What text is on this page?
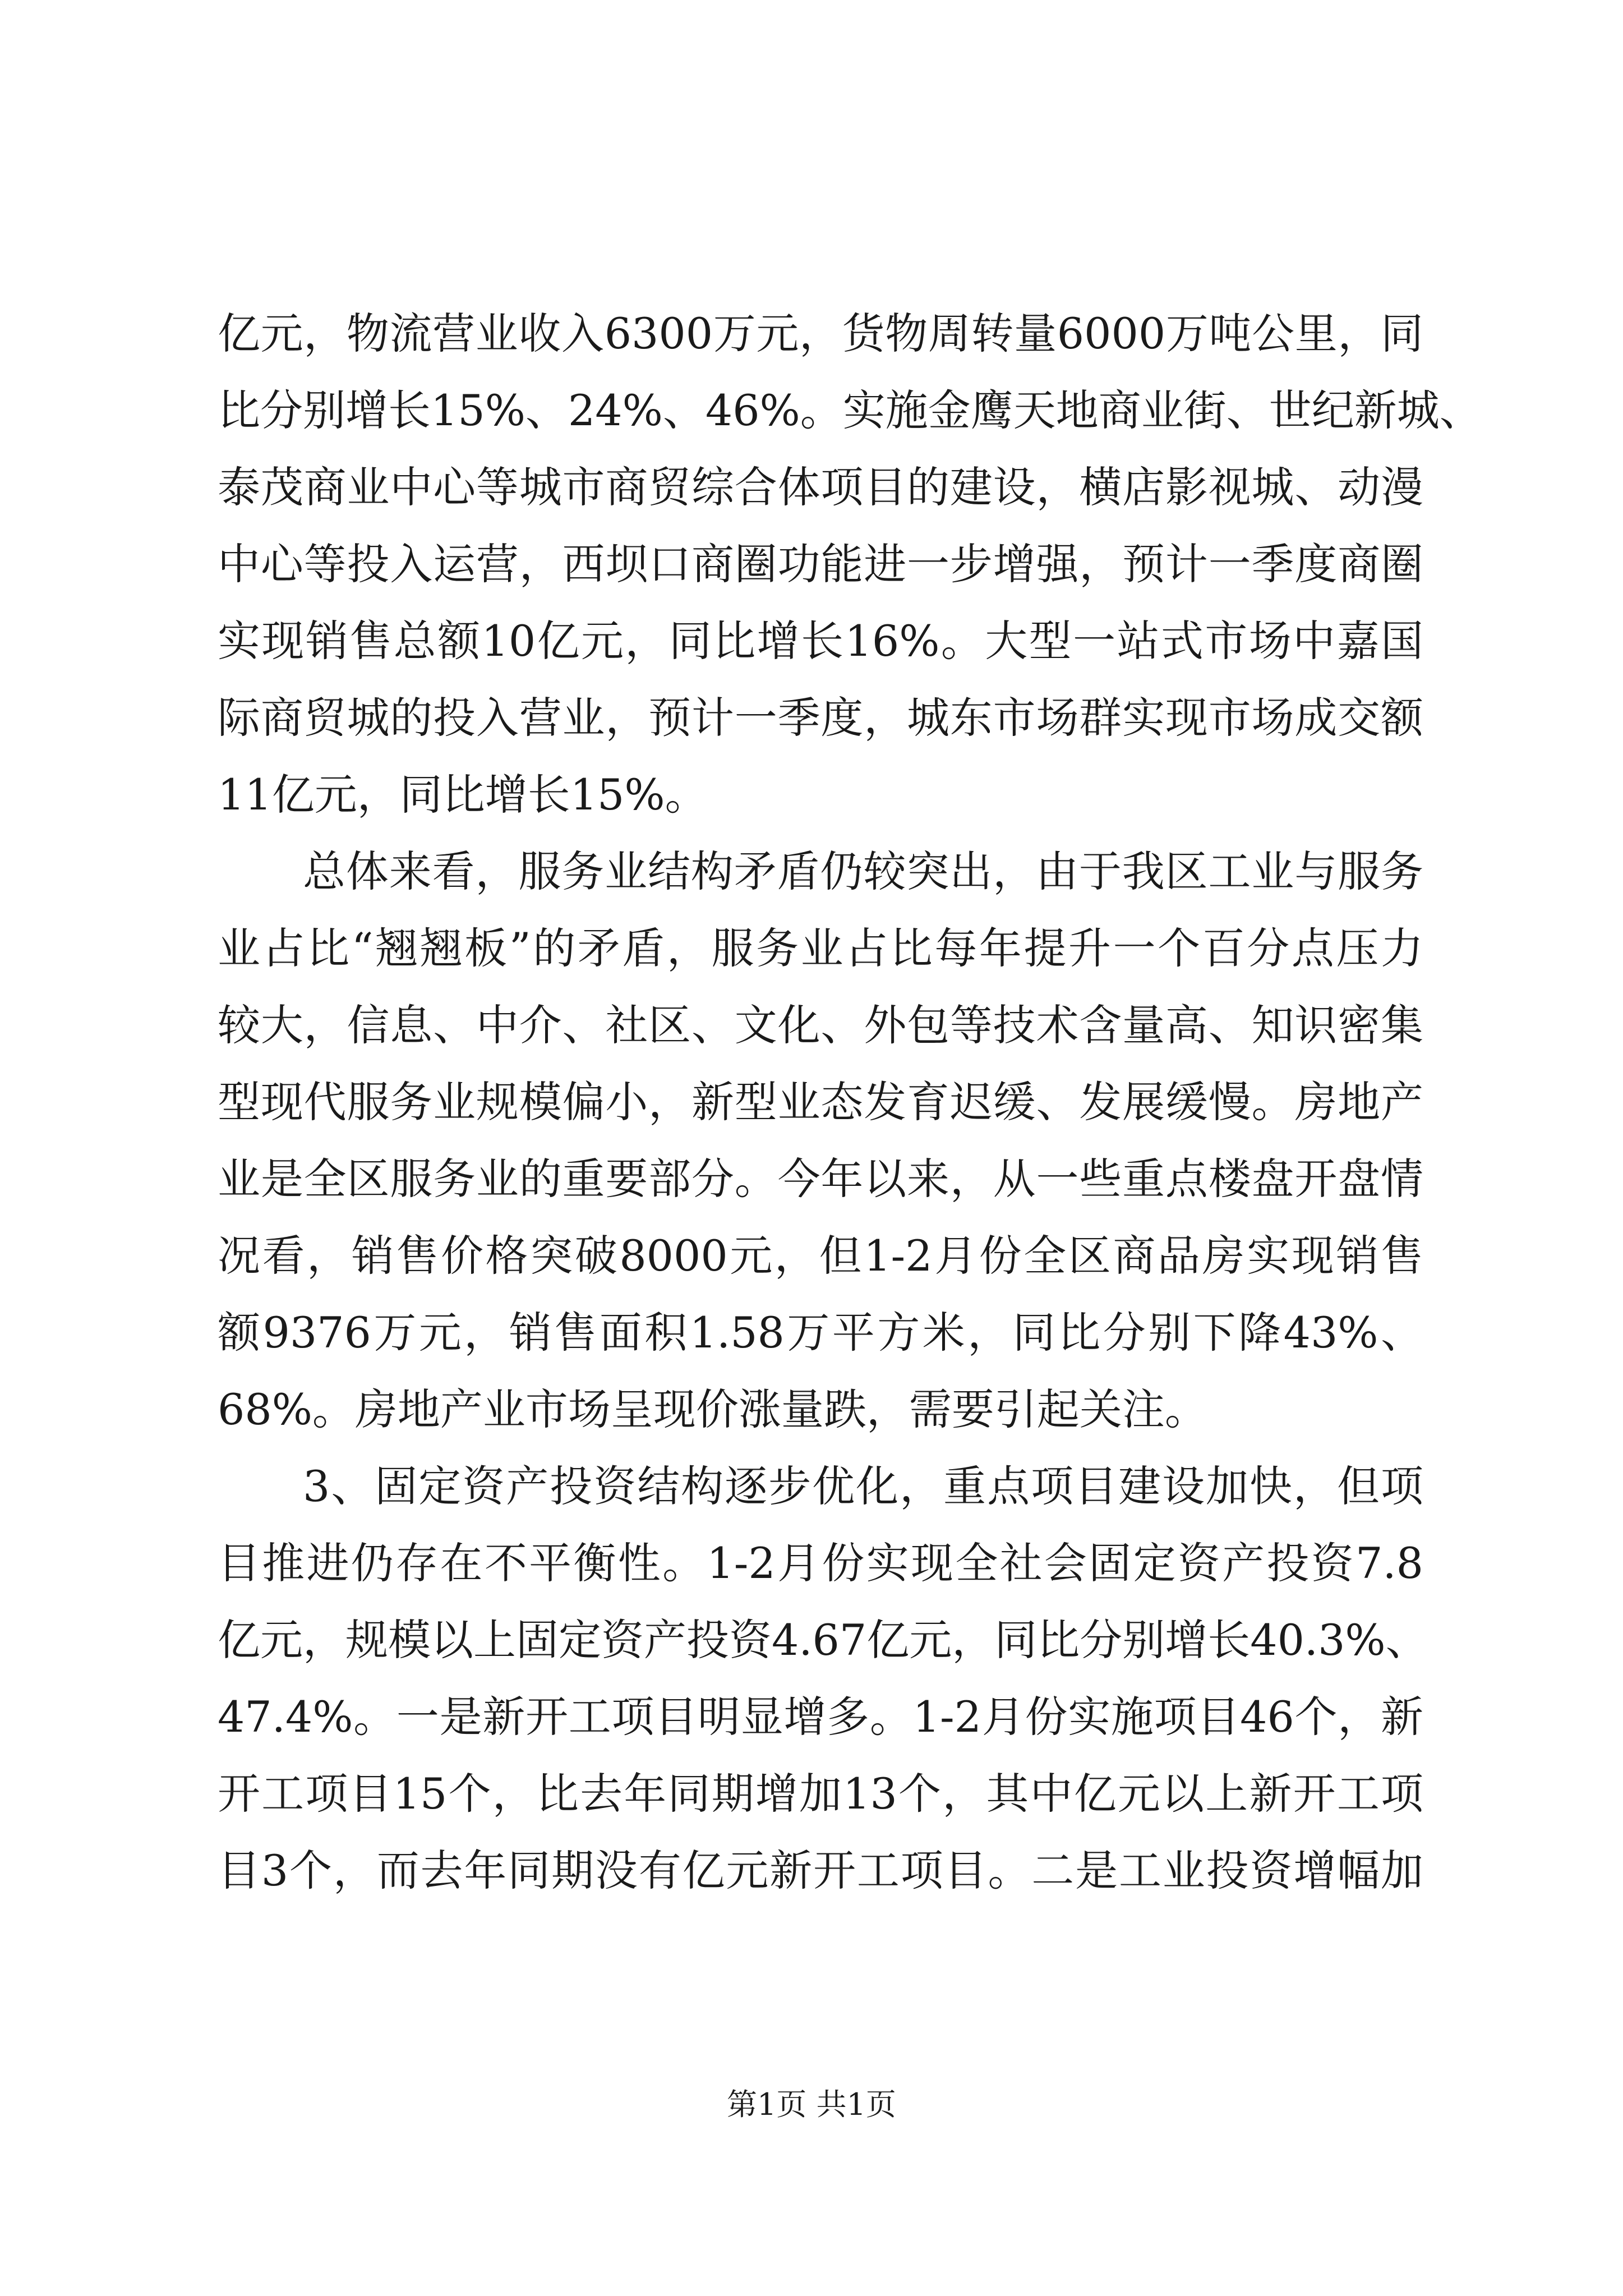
亿元，物流营业收入6300万元，货物周转量6000万吨公里，同
比分别增长15%、24%、46%。实施金鹰天地商业街、世纪新城、
泰茂商业中心等城市商贸综合体项目的建设，横店影视城、动漫
中心等投入运营，西坝口商圈功能进一步增强，预计一季度商圈
实现销售总额10亿元，同比增长16%。大型一站式市场中嘉国
际商贸城的投入营业，预计一季度，城东市场群实现市场成交额
11亿元，同比增长15%。
总体来看，服务业结构矛盾仍较突出，由于我区工业与服务
业占比“翘翘板”的矛盾，服务业占比每年提升一个百分点压力
较大，信息、中介、社区、文化、外包等技术含量高、知识密集
型现代服务业规模偏小，新型业态发育迟缓、发展缓慢。房地产
业是全区服务业的重要部分。今年以来，从一些重点楼盘开盘情
况看，销售价格突破8000元，但1-2月份全区商品房实现销售
额9376万元，销售面积1.58万平方米，同比分别下降43%、
68%。房地产业市场呈现价涨量跌，需要引起关注。
3、固定资产投资结构逐步优化，重点项目建设加快，但项
目推进仍存在不平衡性。1-2月份实现全社会固定资产投资7.8
亿元，规模以上固定资产投资4.67亿元，同比分别增长40.3%、
47.4%。一是新开工项目明显增多。1-2月份实施项目46个，新
开工项目15个，比去年同期增加13个，其中亿元以上新开工项
目3个，而去年同期没有亿元新开工项目。二是工业投资增幅加
第1页 共1页
